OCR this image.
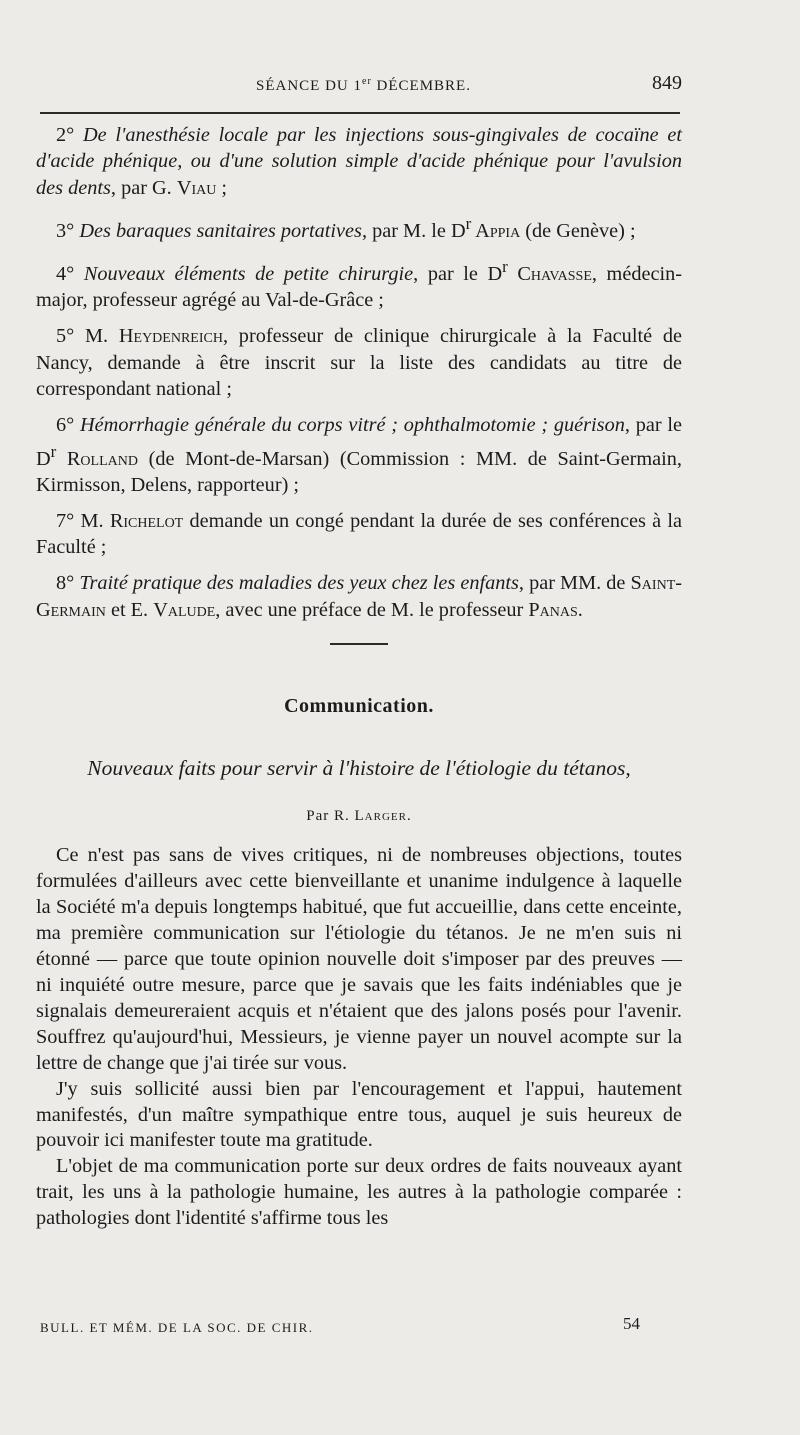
SÉANCE DU 1er DÉCEMBRE.	849

2° De l'anesthésie locale par les injections sous-gingivales de cocaïne et d'acide phénique, ou d'une solution simple d'acide phénique pour l'avulsion des dents, par G. Viau ;

3° Des baraques sanitaires portatives, par M. le $D^r$ Appia (de Genève) ;

4° Nouveaux éléments de petite chirurgie, par le $D^r$ Chavasse, médecin-major, professeur agrégé au Val-de-Grâce ;

5° M. Heydenreich, professeur de clinique chirurgicale à la Faculté de Nancy, demande à être inscrit sur la liste des candidats au titre de correspondant national ;

6° Hémorrhagie générale du corps vitré ; ophthalmotomie ; guérison, par le $D^r$ Rolland (de Mont-de-Marsan) (Commission : MM. de Saint-Germain, Kirmisson, Delens, rapporteur) ;

7° M. Richelot demande un congé pendant la durée de ses conférences à la Faculté ;

8° Traité pratique des maladies des yeux chez les enfants, par MM. de Saint-Germain et E. Valude, avec une préface de M. le professeur Panas.

Communication.

Nouveaux faits pour servir à l'histoire de l'étiologie du tétanos,

Par R. Larger.

Ce n'est pas sans de vives critiques, ni de nombreuses objections, toutes formulées d'ailleurs avec cette bienveillante et unanime indulgence à laquelle la Société m'a depuis longtemps habitué, que fut accueillie, dans cette enceinte, ma première communication sur l'étiologie du tétanos. Je ne m'en suis ni étonné — parce que toute opinion nouvelle doit s'imposer par des preuves — ni inquiété outre mesure, parce que je savais que les faits indéniables que je signalais demeureraient acquis et n'étaient que des jalons posés pour l'avenir. Souffrez qu'aujourd'hui, Messieurs, je vienne payer un nouvel acompte sur la lettre de change que j'ai tirée sur vous.

J'y suis sollicité aussi bien par l'encouragement et l'appui, hautement manifestés, d'un maître sympathique entre tous, auquel je suis heureux de pouvoir ici manifester toute ma gratitude.

L'objet de ma communication porte sur deux ordres de faits nouveaux ayant trait, les uns à la pathologie humaine, les autres à la pathologie comparée : pathologies dont l'identité s'affirme tous les

BULL. ET MÉM. DE LA SOC. DE CHIR.	54
